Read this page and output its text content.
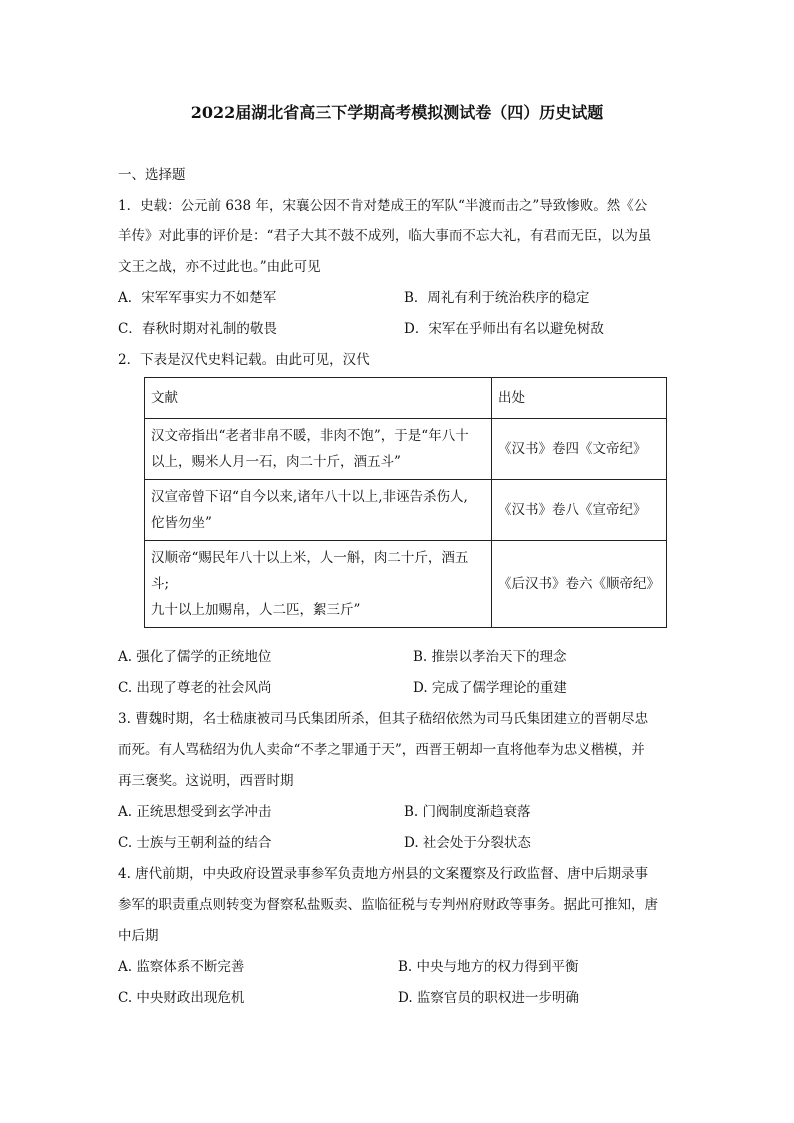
2022届湖北省高三下学期高考模拟测试卷（四）历史试题
一、选择题
1．史载：公元前 638 年，宋襄公因不肯对楚成王的军队“半渡而击之”导致惨败。然《公
羊传》对此事的评价是：“君子大其不鼓不成列，临大事而不忘大礼，有君而无臣，以为虽
文王之战，亦不过此也。”由此可见
A．宋军军事实力不如楚军	B．周礼有利于统治秩序的稳定
C．春秋时期对礼制的敬畏	D．宋军在乎师出有名以避免树敌
2．下表是汉代史料记载。由此可见，汉代
文献	出处

汉文帝指出“老者非帛不暖，非肉不饱”，于是“年八十
以上，赐米人月一石，肉二十斤，酒五斗”	《汉书》卷四《文帝纪》

汉宣帝曾下诏“自今以来,诸年八十以上,非诬告杀伤人,
佗皆勿坐”	《汉书》卷八《宣帝纪》

汉顺帝“赐民年八十以上米，人一斛，肉二十斤，酒五斗;
九十以上加赐帛，人二匹，絮三斤”	《后汉书》卷六《顺帝纪》
A. 强化了儒学的正统地位	B. 推崇以孝治天下的理念
C. 出现了尊老的社会风尚	D. 完成了儒学理论的重建
3. 曹魏时期，名士嵇康被司马氏集团所杀，但其子嵇绍依然为司马氏集团建立的晋朝尽忠
而死。有人骂嵇绍为仇人卖命“不孝之罪通于天”，西晋王朝却一直将他奉为忠义楷模，并
再三褒奖。这说明，西晋时期
A. 正统思想受到玄学冲击	B. 门阀制度渐趋衰落
C. 士族与王朝利益的结合	D. 社会处于分裂状态
4. 唐代前期，中央政府设置录事参军负责地方州县的文案覆察及行政监督、唐中后期录事
参军的职责重点则转变为督察私盐贩卖、监临征税与专判州府财政等事务。据此可推知，唐
中后期
A. 监察体系不断完善	B. 中央与地方的权力得到平衡
C. 中央财政出现危机	D. 监察官员的职权进一步明确
